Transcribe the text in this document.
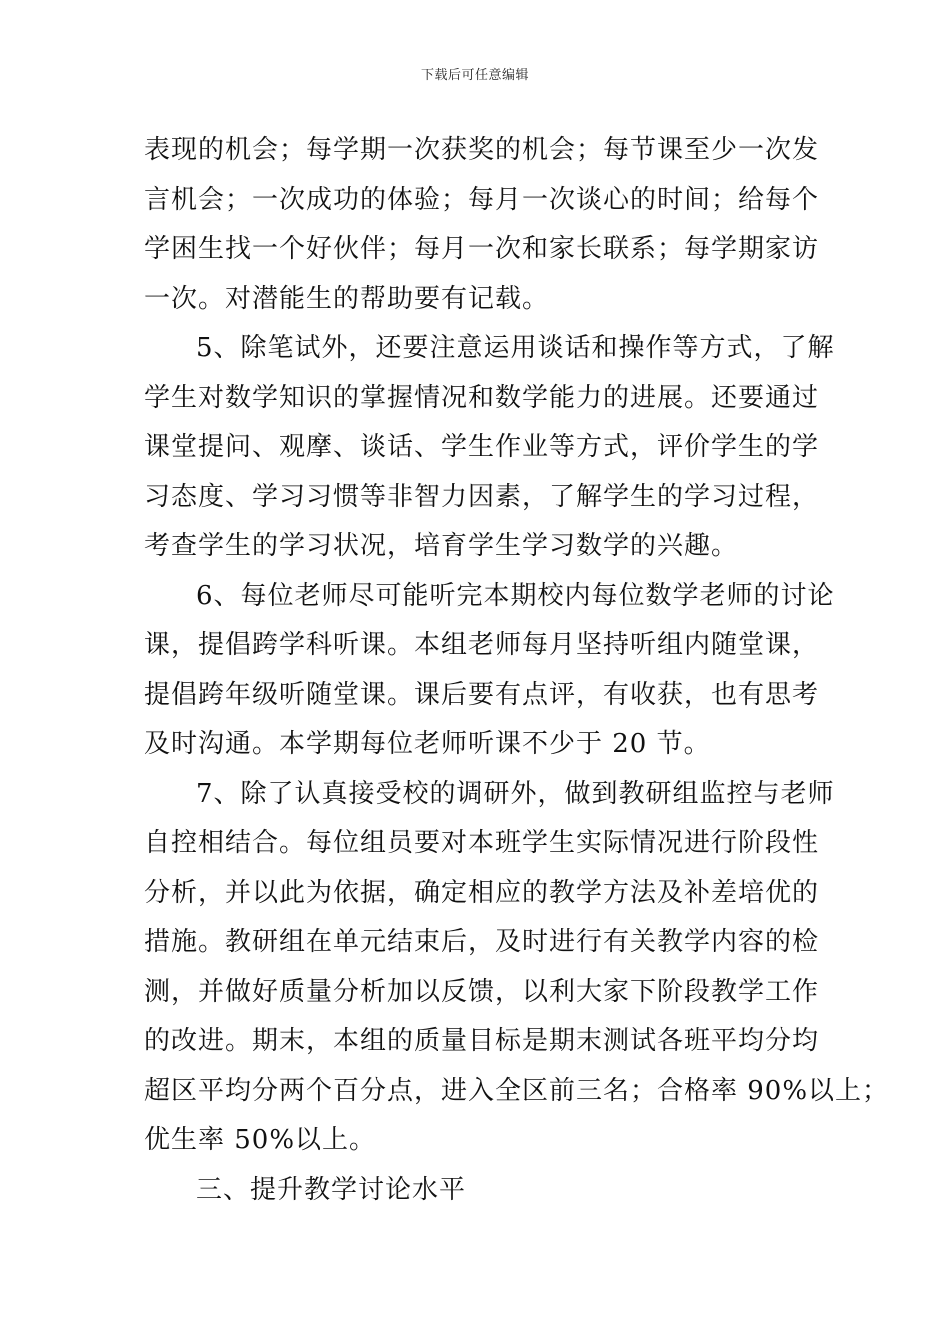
下载后可任意编辑
表现的机会；每学期一次获奖的机会；每节课至少一次发
言机会；一次成功的体验；每月一次谈心的时间；给每个
学困生找一个好伙伴；每月一次和家长联系；每学期家访
一次。对潜能生的帮助要有记载。
5、除笔试外，还要注意运用谈话和操作等方式，了解
学生对数学知识的掌握情况和数学能力的进展。还要通过
课堂提问、观摩、谈话、学生作业等方式，评价学生的学
习态度、学习习惯等非智力因素，了解学生的学习过程，
考查学生的学习状况，培育学生学习数学的兴趣。
6、每位老师尽可能听完本期校内每位数学老师的讨论
课，提倡跨学科听课。本组老师每月坚持听组内随堂课，
提倡跨年级听随堂课。课后要有点评，有收获，也有思考
及时沟通。本学期每位老师听课不少于 20 节。
7、除了认真接受校的调研外，做到教研组监控与老师
自控相结合。每位组员要对本班学生实际情况进行阶段性
分析，并以此为依据，确定相应的教学方法及补差培优的
措施。教研组在单元结束后，及时进行有关教学内容的检
测，并做好质量分析加以反馈，以利大家下阶段教学工作
的改进。期末，本组的质量目标是期末测试各班平均分均
超区平均分两个百分点，进入全区前三名；合格率 90%以上；
优生率 50%以上。
三、提升教学讨论水平
